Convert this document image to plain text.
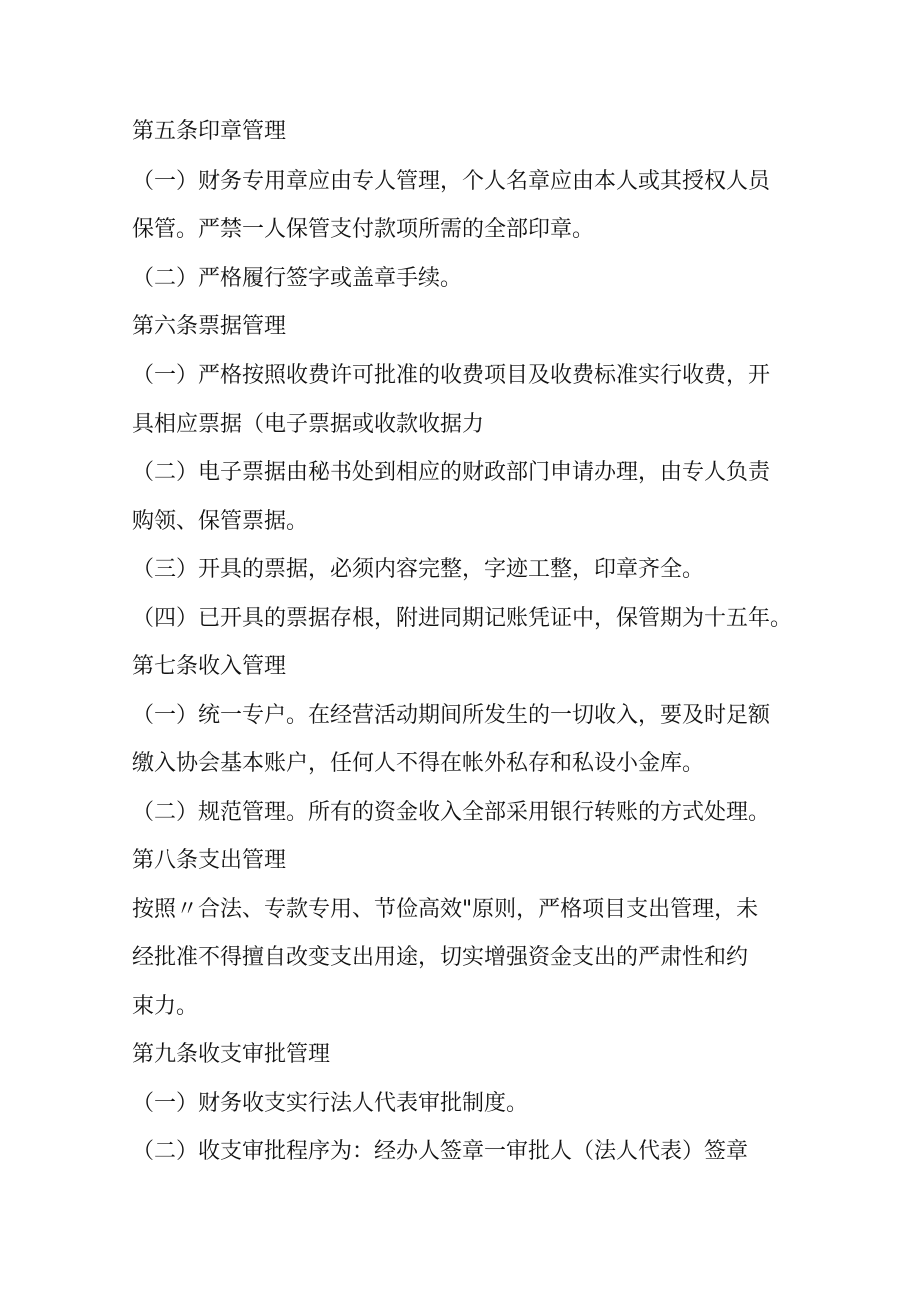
第五条印章管理
（一）财务专用章应由专人管理，个人名章应由本人或其授权人员
保管。严禁一人保管支付款项所需的全部印章。
（二）严格履行签字或盖章手续。
第六条票据管理
（一）严格按照收费许可批准的收费项目及收费标准实行收费，开
具相应票据（电子票据或收款收据力
（二）电子票据由秘书处到相应的财政部门申请办理，由专人负责
购领、保管票据。
（三）开具的票据，必须内容完整，字迹工整，印章齐全。
（四）已开具的票据存根，附进同期记账凭证中，保管期为十五年。
第七条收入管理
（一）统一专户。在经营活动期间所发生的一切收入，要及时足额
缴入协会基本账户，任何人不得在帐外私存和私设小金库。
（二）规范管理。所有的资金收入全部采用银行转账的方式处理。
第八条支出管理
按照〃合法、专款专用、节俭高效"原则，严格项目支出管理，未
经批准不得擅自改变支出用途，切实增强资金支出的严肃性和约
束力。
第九条收支审批管理
（一）财务收支实行法人代表审批制度。
（二）收支审批程序为：经办人签章一审批人（法人代表）签章
